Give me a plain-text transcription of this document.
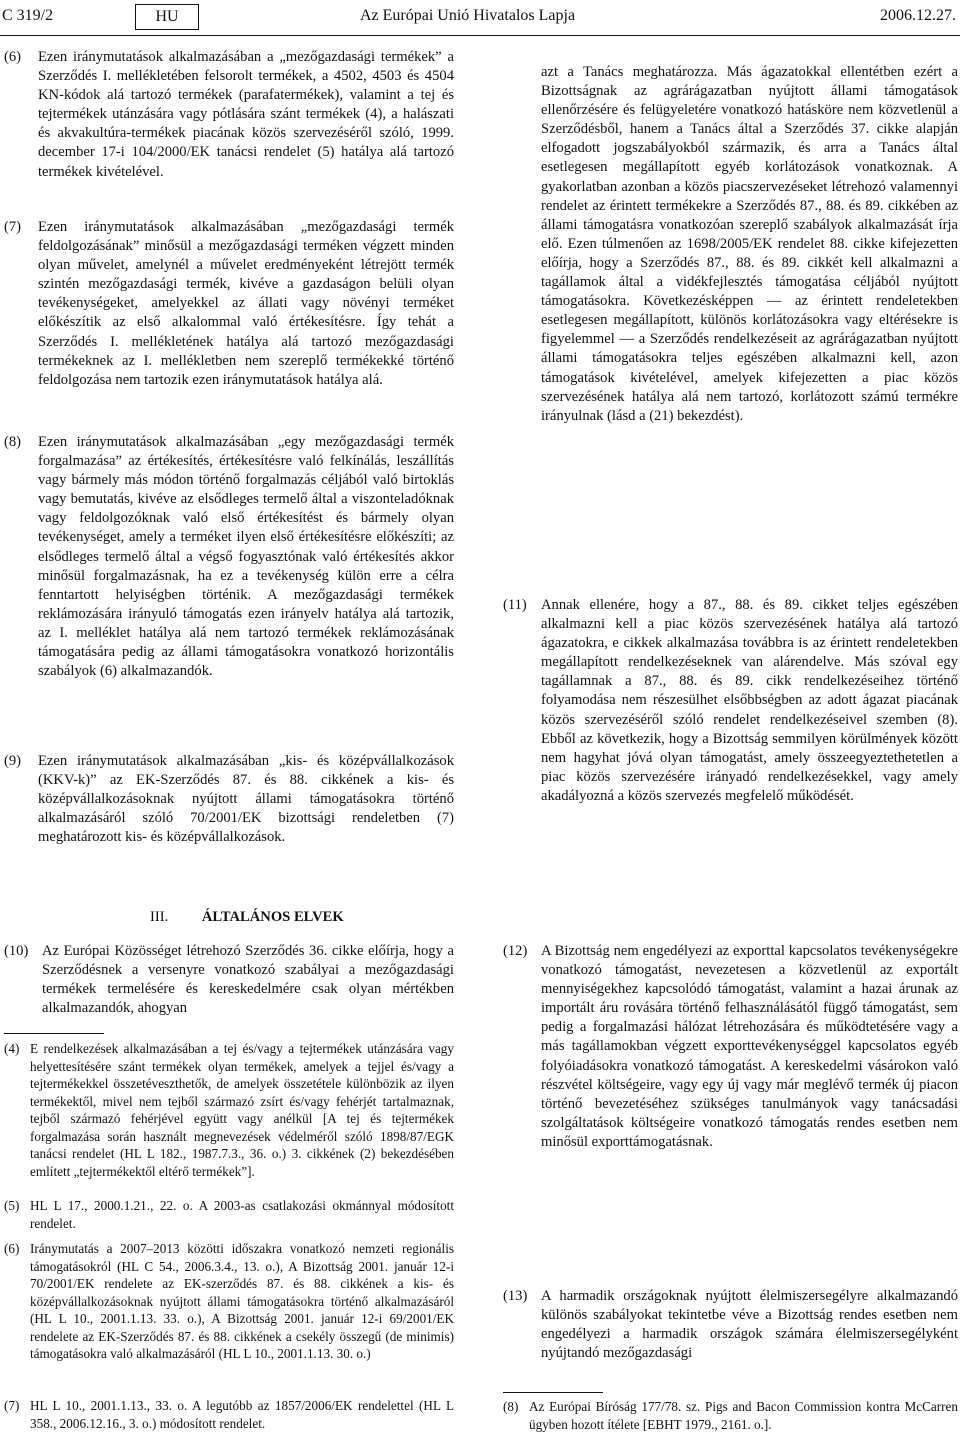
C 319/2	HU	Az Európai Unió Hivatalos Lapja	2006.12.27.
(6) Ezen iránymutatások alkalmazásában a „mezőgazdasági termékek” a Szerződés I. mellékletében felsorolt termékek, a 4502, 4503 és 4504 KN-kódok alá tartozó termékek (parafatermékek), valamint a tej és tejtermékek utánzására vagy pótlására szánt termékek (4), a halászati és akvakultúra-termékek piacának közös szervezéséről szóló, 1999. december 17-i 104/2000/EK tanácsi rendelet (5) hatálya alá tartozó termékek kivételével.
(7) Ezen iránymutatások alkalmazásában „mezőgazdasági termék feldolgozásának” minősül a mezőgazdasági terméken végzett minden olyan művelet, amelynél a művelet eredményeként létrejött termék szintén mezőgazdasági termék, kivéve a gazdaságon belüli olyan tevékenységeket, amelyekkel az állati vagy növényi terméket előkészítik az első alkalommal való értékesítésre. Így tehát a Szerződés I. mellékletének hatálya alá tartozó mezőgazdasági termékeknek az I. mellékletben nem szereplő termékekké történő feldolgozása nem tartozik ezen iránymutatások hatálya alá.
(8) Ezen iránymutatások alkalmazásában „egy mezőgazdasági termék forgalmazása” az értékesítés, értékesítésre való felkínálás, leszállítás vagy bármely más módon történő forgalmazás céljából való birtoklás vagy bemutatás, kivéve az elsődleges termelő által a viszonteladóknak vagy feldolgozóknak való első értékesítést és bármely olyan tevékenységet, amely a terméket ilyen első értékesítésre előkészíti; az elsődleges termelő által a végső fogyasztónak való értékesítés akkor minősül forgalmazásnak, ha ez a tevékenység külön erre a célra fenntartott helyiségben történik. A mezőgazdasági termékek reklámozására irányuló támogatás ezen irányelv hatálya alá tartozik, az I. melléklet hatálya alá nem tartozó termékek reklámozásának támogatására pedig az állami támogatásokra vonatkozó horizontális szabályok (6) alkalmazandók.
(9) Ezen iránymutatások alkalmazásában „kis- és középvállalkozások (KKV-k)” az EK-Szerződés 87. és 88. cikkének a kis- és középvállalkozásoknak nyújtott állami támogatásokra történő alkalmazásáról szóló 70/2001/EK bizottsági rendeletben (7) meghatározott kis- és középvállalkozások.
azt a Tanács meghatározza. Más ágazatokkal ellentétben ezért a Bizottságnak az agrárágazatban nyújtott állami támogatások ellenőrzésére és felügyeletére vonatkozó hatásköre nem közvetlenül a Szerződésből, hanem a Tanács által a Szerződés 37. cikke alapján elfogadott jogszabályokból származik, és arra a Tanács által esetlegesen megállapított egyéb korlátozások vonatkoznak. A gyakorlatban azonban a közös piacszervezéseket létrehozó valamennyi rendelet az érintett termékekre a Szerződés 87., 88. és 89. cikkében az állami támogatásra vonatkozóan szereplő szabályok alkalmazását írja elő. Ezen túlmenően az 1698/2005/EK rendelet 88. cikke kifejezetten előírja, hogy a Szerződés 87., 88. és 89. cikkét kell alkalmazni a tagállamok által a vidékfejlesztés támogatása céljából nyújtott támogatásokra. Következésképpen — az érintett rendeletekben esetlegesen megállapított, különös korlátozásokra vagy eltérésekre is figyelemmel — a Szerződés rendelkezéseit az agrárágazatban nyújtott állami támogatásokra teljes egészében alkalmazni kell, azon támogatások kivételével, amelyek kifejezetten a piac közös szervezésének hatálya alá nem tartozó, korlátozott számú termékre irányulnak (lásd a (21) bekezdést).
(11) Annak ellenére, hogy a 87., 88. és 89. cikket teljes egészében alkalmazni kell a piac közös szervezésének hatálya alá tartozó ágazatokra, e cikkek alkalmazása továbbra is az érintett rendeletekben megállapított rendelkezéseknek van alárendelve. Más szóval egy tagállamnak a 87., 88. és 89. cikk rendelkezéseihez történő folyamodása nem részesülhet elsőbbségben az adott ágazat piacának közös szervezéséről szóló rendelet rendelkezéseivel szemben (8). Ebből az következik, hogy a Bizottság semmilyen körülmények között nem hagyhat jóvá olyan támogatást, amely összeegyeztethetetlen a piac közös szervezésére irányadó rendelkezésekkel, vagy amely akadályozná a közös szervezés megfelelő működését.
III. ÁLTALÁNOS ELVEK
(10) Az Európai Közösséget létrehozó Szerződés 36. cikke előírja, hogy a Szerződésnek a versenyre vonatkozó szabályai a mezőgazdasági termékek termelésére és kereskedelmére csak olyan mértékben alkalmazandók, ahogyan
(12) A Bizottság nem engedélyezi az exporttal kapcsolatos tevékenységekre vonatkozó támogatást, nevezetesen a közvetlenül az exportált mennyiségekhez kapcsolódó támogatást, valamint a hazai árunak az importált áru rovására történő felhasználásától függő támogatást, sem pedig a forgalmazási hálózat létrehozására és működtetésére vagy a más tagállamokban végzett exporttevékenységgel kapcsolatos egyéb folyóiadásokra vonatkozó támogatást. A kereskedelmi vásárokon való részvétel költségeire, vagy egy új vagy már meglévő termék új piacon történő bevezetéséhez szükséges tanulmányok vagy tanácsadási szolgáltatások költségeire vonatkozó támogatás rendes esetben nem minősül exporttámogatásnak.
(13) A harmadik országoknak nyújtott élelmiszersegélyre alkalmazandó különös szabályokat tekintetbe véve a Bizottság rendes esetben nem engedélyezi a harmadik országok számára élelmiszersegélyként nyújtandó mezőgazdasági
(4) E rendelkezések alkalmazásában a tej és/vagy a tejtermékek utánzására vagy helyettesítésére szánt termékek olyan termékek, amelyek a tejjel és/vagy a tejtermékekkel összetéveszthetők, de amelyek összetétele különbözik az ilyen termékektől, mivel nem tejből származó zsírt és/vagy fehérjét tartalmaznak, tejből származó fehérjével együtt vagy anélkül [A tej és tejtermékek forgalmazása során használt megnevezések védelméről szóló 1898/87/EGK tanácsi rendelet (HL L 182., 1987.7.3., 36. o.) 3. cikkének (2) bekezdésében említett „tejtermékektől eltérő termékek”].
(5) HL L 17., 2000.1.21., 22. o. A 2003-as csatlakozási okmánnyal módosított rendelet.
(6) Iránymutatás a 2007–2013 közötti időszakra vonatkozó nemzeti regionális támogatásokról (HL C 54., 2006.3.4., 13. o.), A Bizottság 2001. január 12-i 70/2001/EK rendelete az EK-szerződés 87. és 88. cikkének a kis- és középvállalkozásoknak nyújtott állami támogatásokra történő alkalmazásáról (HL L 10., 2001.1.13. 33. o.), A Bizottság 2001. január 12-i 69/2001/EK rendelete az EK-Szerződés 87. és 88. cikkének a csekély összegű (de minimis) támogatásokra való alkalmazásáról (HL L 10., 2001.1.13. 30. o.)
(7) HL L 10., 2001.1.13., 33. o. A legutóbb az 1857/2006/EK rendelettel (HL L 358., 2006.12.16., 3. o.) módosított rendelet.
(8) Az Európai Bíróság 177/78. sz. Pigs and Bacon Commission kontra McCarren ügyben hozott ítélete [EBHT 1979., 2161. o.].
